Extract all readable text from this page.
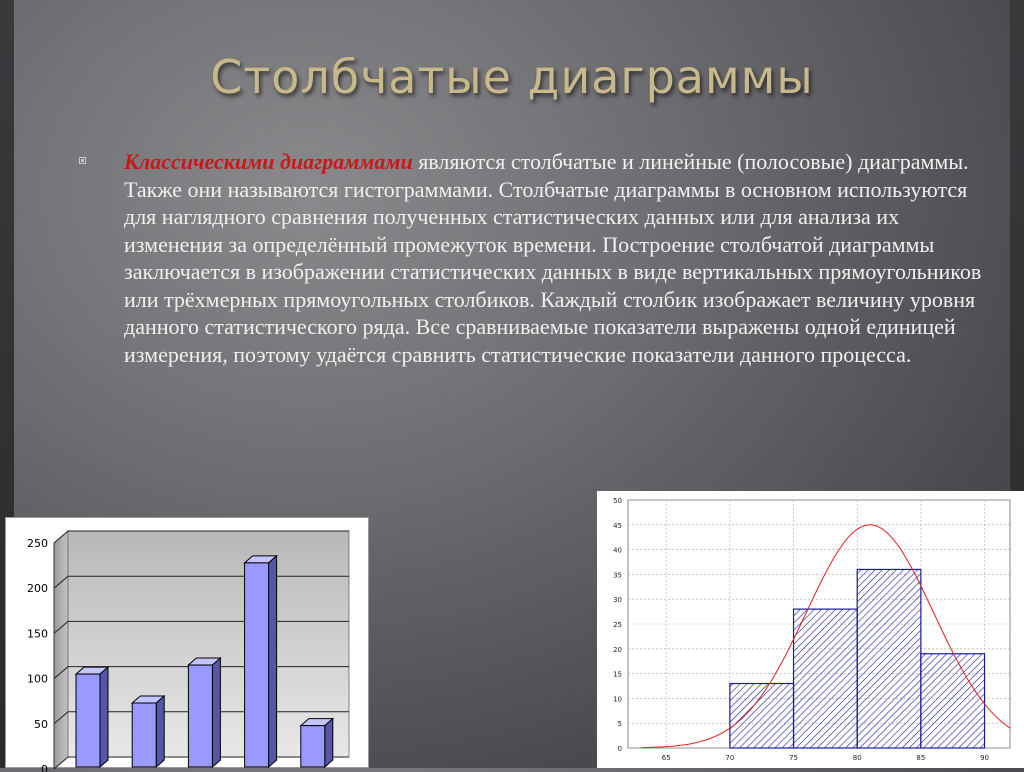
Столбчатые диаграммы
Классическими диаграммами являются столбчатые и линейные (полосовые) диаграммы. Также они называются гистограммами. Столбчатые диаграммы в основном используются для наглядного сравнения полученных статистических данных или для анализа их изменения за определённый промежуток времени. Построение столбчатой диаграммы заключается в изображении статистических данных в виде вертикальных прямоугольников или трёхмерных прямоугольных столбиков. Каждый столбик изображает величину уровня данного статистического ряда. Все сравниваемые показатели выражены одной единицей измерения, поэтому удаётся сравнить статистические показатели данного процесса.
0
50
100
150
200
250
0
5
10
15
20
25
30
35
40
45
50
65	70	75	80	85	90
